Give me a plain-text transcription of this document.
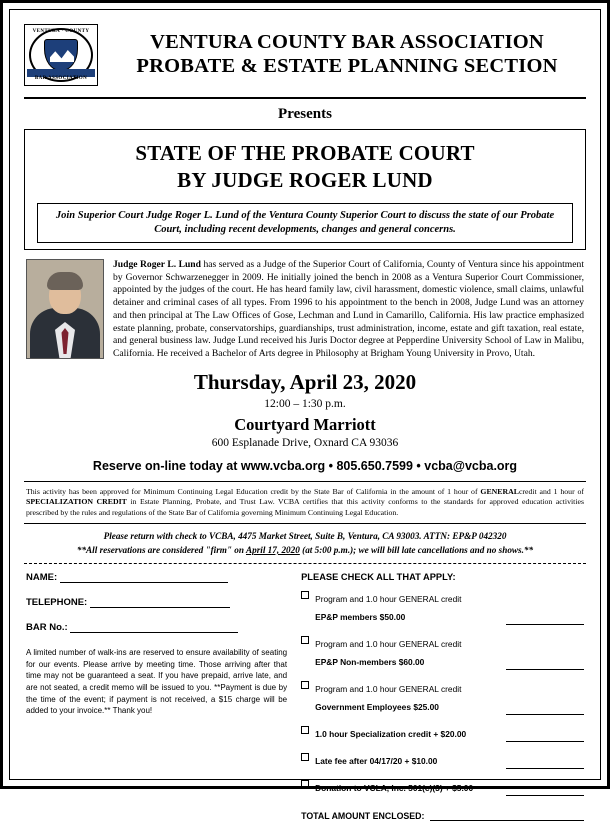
VENTURA · COUNTY
BAR ASSOCIATION
VENTURA COUNTY BAR ASSOCIATION
PROBATE & ESTATE PLANNING SECTION
Presents
STATE OF THE PROBATE COURT
BY JUDGE ROGER LUND
Join Superior Court Judge Roger L. Lund of the Ventura County Superior Court to discuss the state of our Probate Court, including recent developments, changes and general concerns.
Judge Roger L. Lund has served as a Judge of the Superior Court of California, County of Ventura since his appointment by Governor Schwarzenegger in 2009. He initially joined the bench in 2008 as a Ventura Superior Court Commissioner, appointed by the judges of the court. He has heard family law, civil harassment, domestic violence, small claims, unlawful detainer and criminal cases of all types. From 1996 to his appointment to the bench in 2008, Judge Lund was an attorney and then principal at The Law Offices of Gose, Lechman and Lund in Camarillo, California. His law practice emphasized estate planning, probate, conservatorships, guardianships, trust administration, income, estate and gift taxation, real estate, and general business law. Judge Lund received his Juris Doctor degree at Pepperdine University School of Law in Malibu, California. He received a Bachelor of Arts degree in Philosophy at Brigham Young University in Provo, Utah.
Thursday, April 23, 2020
12:00 – 1:30 p.m.
Courtyard Marriott
600 Esplanade Drive, Oxnard CA 93036
Reserve on-line today at www.vcba.org • 805.650.7599 • vcba@vcba.org
This activity has been approved for Minimum Continuing Legal Education credit by the State Bar of California in the amount of 1 hour of GENERALcredit and 1 hour of SPECIALIZATION CREDIT in Estate Planning, Probate, and Trust Law. VCBA certifies that this activity conforms to the standards for approved education activities prescribed by the rules and regulations of the State Bar of California governing Minimum Continuing Legal Education.
Please return with check to VCBA, 4475 Market Street, Suite B, Ventura, CA 93003. ATTN: EP&P 042320
**All reservations are considered "firm" on April 17, 2020 (at 5:00 p.m.); we will bill late cancellations and no shows.**
NAME:
TELEPHONE:
BAR No.:
A limited number of walk-ins are reserved to ensure availability of seating for our events. Please arrive by meeting time. Those arriving after that time may not be guaranteed a seat. If you have prepaid, arrive late, and are not seated, a credit memo will be issued to you. **Payment is due by the time of the event; if payment is not received, a $15 charge will be added to your invoice.** Thank you!
PLEASE CHECK ALL THAT APPLY:
Program and 1.0 hour GENERAL credit
EP&P members $50.00
Program and 1.0 hour GENERAL credit
EP&P Non-members $60.00
Program and 1.0 hour GENERAL credit
Government Employees $25.00
1.0 hour Specialization credit + $20.00
Late fee after 04/17/20 + $10.00
Donation to VCLA, Inc. 501(c)(3) + $5.00
TOTAL AMOUNT ENCLOSED:
